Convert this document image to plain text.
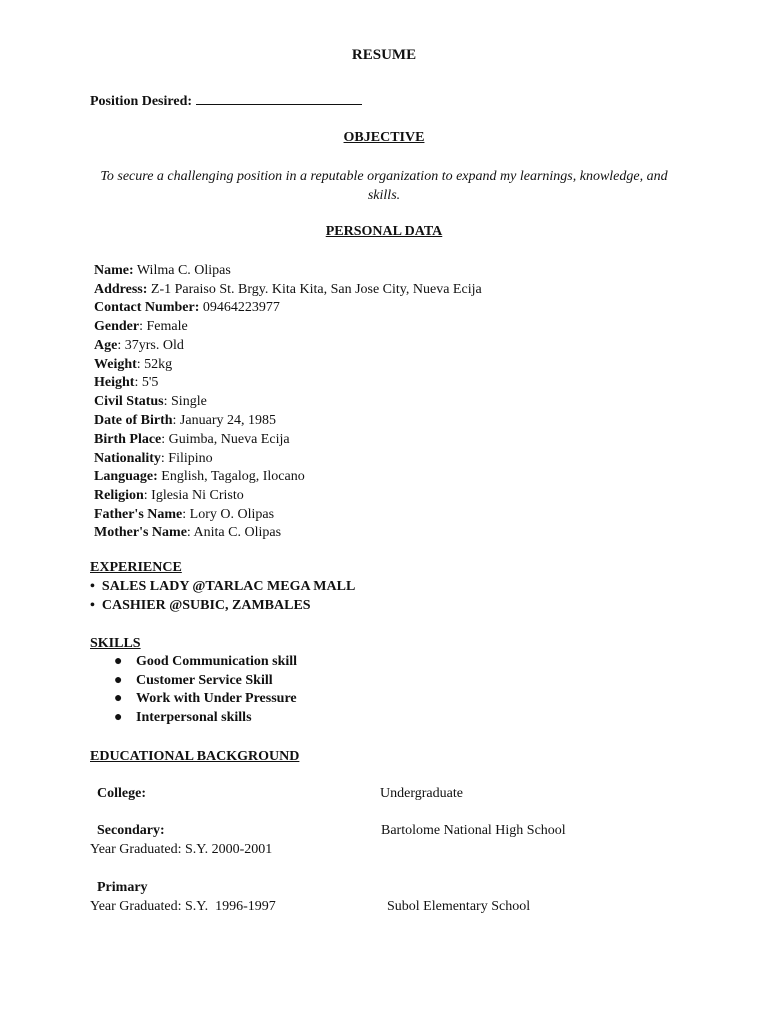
RESUME
Position Desired:
OBJECTIVE
To secure a challenging position in a reputable organization to expand my learnings, knowledge, and
skills.
PERSONAL DATA
Name: Wilma C. Olipas
Address: Z-1 Paraiso St. Brgy. Kita Kita, San Jose City, Nueva Ecija
Contact Number: 09464223977
Gender: Female
Age: 37yrs. Old
Weight: 52kg
Height: 5'5
Civil Status: Single
Date of Birth: January 24, 1985
Birth Place: Guimba, Nueva Ecija
Nationality: Filipino
Language: English, Tagalog, Ilocano
Religion: Iglesia Ni Cristo
Father's Name: Lory O. Olipas
Mother's Name: Anita C. Olipas
EXPERIENCE
• SALES LADY @TARLAC MEGA MALL
• CASHIER @SUBIC, ZAMBALES
SKILLS
● Good Communication skill
● Customer Service Skill
● Work with Under Pressure
● Interpersonal skills
EDUCATIONAL BACKGROUND
College:	Undergraduate
Secondary:	Bartolome National High School
Year Graduated: S.Y. 2000-2001
Primary
Year Graduated: S.Y.  1996-1997	Subol Elementary School
